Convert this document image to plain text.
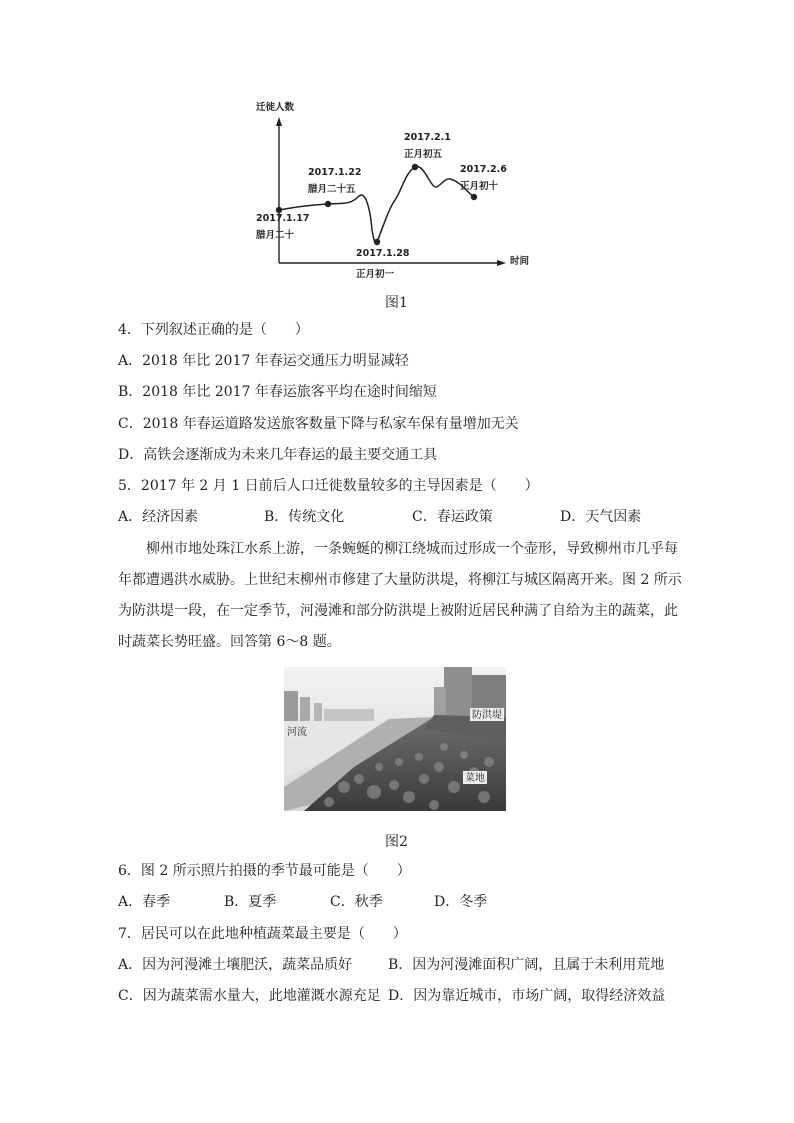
迁徙人数
时间
2017.1.17
腊月二十
2017.1.22
腊月二十五
2017.1.28
正月初一
2017.2.1
正月初五
2017.2.6
正月初十
图1
4．下列叙述正确的是（　　）
A．2018 年比 2017 年春运交通压力明显减轻
B．2018 年比 2017 年春运旅客平均在途时间缩短
C．2018 年春运道路发送旅客数量下降与私家车保有量增加无关
D．高铁会逐渐成为未来几年春运的最主要交通工具
5．2017 年 2 月 1 日前后人口迁徙数量较多的主导因素是（　　）
A．经济因素	B．传统文化	C．春运政策	D．天气因素
柳州市地处珠江水系上游，一条蜿蜒的柳江绕城而过形成一个壶形，导致柳州市几乎每
年都遭遇洪水威胁。上世纪末柳州市修建了大量防洪堤，将柳江与城区隔离开来。图 2 所示
为防洪堤一段，在一定季节，河漫滩和部分防洪堤上被附近居民种满了自给为主的蔬菜，此
时蔬菜长势旺盛。回答第 6～8 题。
河流
防洪堤
菜地
图2
6．图 2 所示照片拍摄的季节最可能是（　　）
A．春季	B．夏季	C．秋季	D．冬季
7．居民可以在此地种植蔬菜最主要是（　　）
A．因为河漫滩土壤肥沃，蔬菜品质好	B．因为河漫滩面积广阔，且属于未利用荒地
C．因为蔬菜需水量大，此地灌溉水源充足 D．因为靠近城市，市场广阔，取得经济效益
